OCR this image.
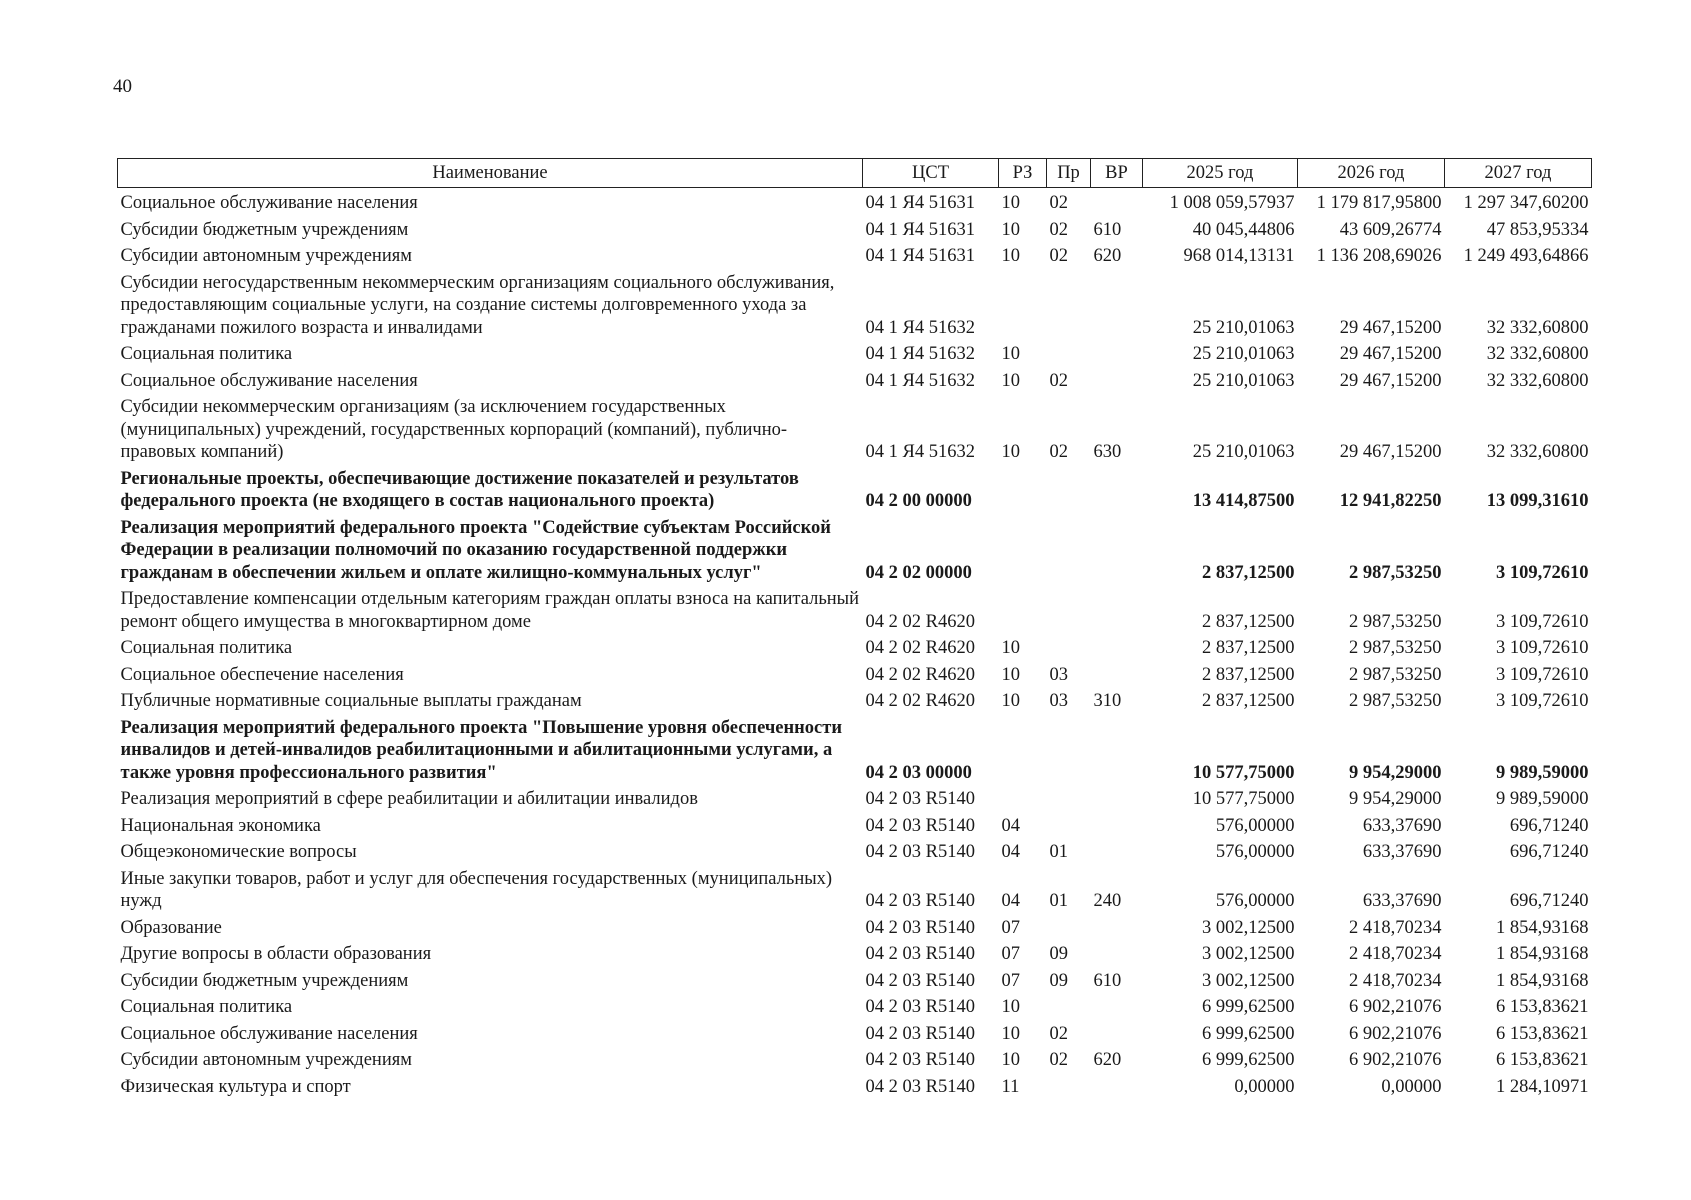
40
Наименование	ЦСТ	РЗ	Пр	ВР	2025 год	2026 год	2027 год
Социальное обслуживание населения	04 1 Я4 51631	10	02		1 008 059,57937	1 179 817,95800	1 297 347,60200
Субсидии бюджетным учреждениям	04 1 Я4 51631	10	02	610	40 045,44806	43 609,26774	47 853,95334
Субсидии автономным учреждениям	04 1 Я4 51631	10	02	620	968 014,13131	1 136 208,69026	1 249 493,64866
Субсидии негосударственным некоммерческим организациям социального обслуживания, предоставляющим социальные услуги, на создание системы долговременного ухода за гражданами пожилого возраста и инвалидами	04 1 Я4 51632				25 210,01063	29 467,15200	32 332,60800
Социальная политика	04 1 Я4 51632	10			25 210,01063	29 467,15200	32 332,60800
Социальное обслуживание населения	04 1 Я4 51632	10	02		25 210,01063	29 467,15200	32 332,60800
Субсидии некоммерческим организациям (за исключением государственных (муниципальных) учреждений, государственных корпораций (компаний), публично-правовых компаний)	04 1 Я4 51632	10	02	630	25 210,01063	29 467,15200	32 332,60800
Региональные проекты, обеспечивающие достижение показателей и результатов федерального проекта (не входящего в состав национального проекта)	04 2 00 00000				13 414,87500	12 941,82250	13 099,31610
Реализация мероприятий федерального проекта "Содействие субъектам Российской Федерации в реализации полномочий по оказанию государственной поддержки гражданам в обеспечении жильем и оплате жилищно-коммунальных услуг"	04 2 02 00000				2 837,12500	2 987,53250	3 109,72610
Предоставление компенсации отдельным категориям граждан оплаты взноса на капитальный ремонт общего имущества в многоквартирном доме	04 2 02 R4620				2 837,12500	2 987,53250	3 109,72610
Социальная политика	04 2 02 R4620	10			2 837,12500	2 987,53250	3 109,72610
Социальное обеспечение населения	04 2 02 R4620	10	03		2 837,12500	2 987,53250	3 109,72610
Публичные нормативные социальные выплаты гражданам	04 2 02 R4620	10	03	310	2 837,12500	2 987,53250	3 109,72610
Реализация мероприятий федерального проекта "Повышение уровня обеспеченности инвалидов и детей-инвалидов реабилитационными и абилитационными услугами, а также уровня профессионального развития"	04 2 03 00000				10 577,75000	9 954,29000	9 989,59000
Реализация мероприятий в сфере реабилитации и абилитации инвалидов	04 2 03 R5140				10 577,75000	9 954,29000	9 989,59000
Национальная экономика	04 2 03 R5140	04			576,00000	633,37690	696,71240
Общеэкономические вопросы	04 2 03 R5140	04	01		576,00000	633,37690	696,71240
Иные закупки товаров, работ и услуг для обеспечения государственных (муниципальных) нужд	04 2 03 R5140	04	01	240	576,00000	633,37690	696,71240
Образование	04 2 03 R5140	07			3 002,12500	2 418,70234	1 854,93168
Другие вопросы в области образования	04 2 03 R5140	07	09		3 002,12500	2 418,70234	1 854,93168
Субсидии бюджетным учреждениям	04 2 03 R5140	07	09	610	3 002,12500	2 418,70234	1 854,93168
Социальная политика	04 2 03 R5140	10			6 999,62500	6 902,21076	6 153,83621
Социальное обслуживание населения	04 2 03 R5140	10	02		6 999,62500	6 902,21076	6 153,83621
Субсидии автономным учреждениям	04 2 03 R5140	10	02	620	6 999,62500	6 902,21076	6 153,83621
Физическая культура и спорт	04 2 03 R5140	11			0,00000	0,00000	1 284,10971
